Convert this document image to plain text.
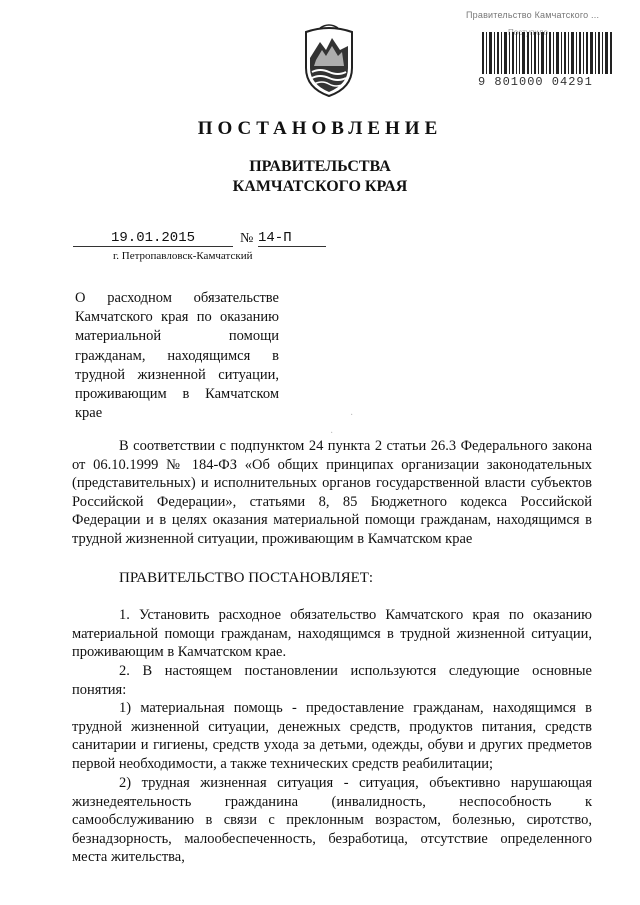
Правительство Камчатского ...
9 801000 04291
ПОСТАНОВЛЕНИЕ
ПРАВИТЕЛЬСТВА
КАМЧАТСКОГО КРАЯ
19.01.2015	№ 14-П
г. Петропавловск-Камчатский
О расходном обязательстве Камчатского края по оказанию материальной помощи гражданам, находящимся в трудной жизненной ситуации, проживающим в Камчатском крае	·
·
В соответствии с подпунктом 24 пункта 2 статьи 26.3 Федерального закона от 06.10.1999 № 184-ФЗ «Об общих принципах организации законодательных (представительных) и исполнительных органов государственной власти субъектов Российской Федерации», статьями 8, 85 Бюджетного кодекса Российской Федерации и в целях оказания материальной помощи гражданам, находящимся в трудной жизненной ситуации, проживающим в Камчатском крае
ПРАВИТЕЛЬСТВО ПОСТАНОВЛЯЕТ:
1. Установить расходное обязательство Камчатского края по оказанию материальной помощи гражданам, находящимся в трудной жизненной ситуации, проживающим в Камчатском крае.
2. В настоящем постановлении используются следующие основные понятия:
1) материальная помощь - предоставление гражданам, находящимся в трудной жизненной ситуации, денежных средств, продуктов питания, средств санитарии и гигиены, средств ухода за детьми, одежды, обуви и других предметов первой необходимости, а также технических средств реабилитации;
2) трудная жизненная ситуация - ситуация, объективно нарушающая жизнедеятельность гражданина (инвалидность, неспособность к самообслуживанию в связи с преклонным возрастом, болезнью, сиротство, безнадзорность, малообеспеченность, безработица, отсутствие определенного места жительства,
